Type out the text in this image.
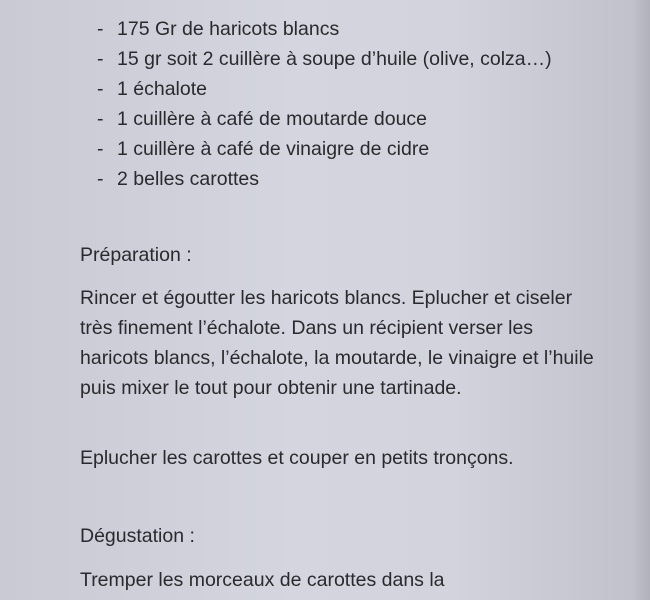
- 175 Gr de haricots blancs
- 15 gr soit 2 cuillère à soupe d’huile (olive, colza…)
- 1 échalote
- 1 cuillère à café de moutarde douce
- 1 cuillère à café de vinaigre de cidre
- 2 belles carottes
Préparation :

Rincer et égoutter les haricots blancs. Eplucher et ciseler très finement l’échalote. Dans un récipient verser les haricots blancs, l’échalote, la moutarde, le vinaigre et l’huile puis mixer le tout pour obtenir une tartinade.

Eplucher les carottes et couper en petits tronçons.

Dégustation :

Tremper les morceaux de carottes dans la
